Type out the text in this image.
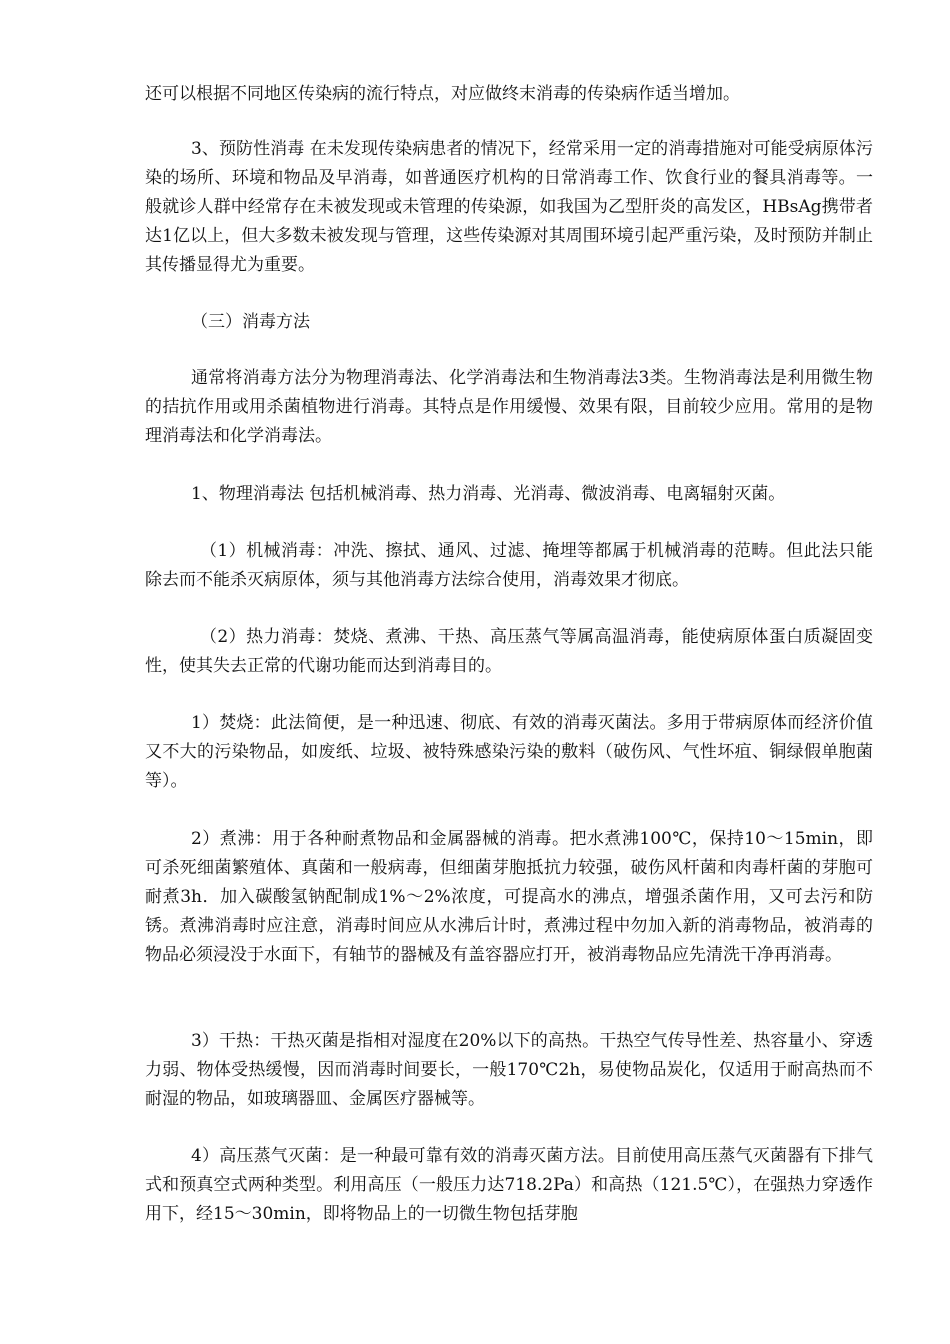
还可以根据不同地区传染病的流行特点，对应做终末消毒的传染病作适当增加。

3、预防性消毒 在未发现传染病患者的情况下，经常采用一定的消毒措施对可能受病原体污染的场所、环境和物品及早消毒，如普通医疗机构的日常消毒工作、饮食行业的餐具消毒等。一般就诊人群中经常存在未被发现或未管理的传染源，如我国为乙型肝炎的高发区，HBsAg携带者达1亿以上，但大多数未被发现与管理，这些传染源对其周围环境引起严重污染，及时预防并制止其传播显得尤为重要。

（三）消毒方法

通常将消毒方法分为物理消毒法、化学消毒法和生物消毒法3类。生物消毒法是利用微生物的拮抗作用或用杀菌植物进行消毒。其特点是作用缓慢、效果有限，目前较少应用。常用的是物理消毒法和化学消毒法。

1、物理消毒法 包括机械消毒、热力消毒、光消毒、微波消毒、电离辐射灭菌。

（1）机械消毒：冲洗、擦拭、通风、过滤、掩埋等都属于机械消毒的范畴。但此法只能除去而不能杀灭病原体，须与其他消毒方法综合使用，消毒效果才彻底。

（2）热力消毒：焚烧、煮沸、干热、高压蒸气等属高温消毒，能使病原体蛋白质凝固变性，使其失去正常的代谢功能而达到消毒目的。

1）焚烧：此法简便，是一种迅速、彻底、有效的消毒灭菌法。多用于带病原体而经济价值又不大的污染物品，如废纸、垃圾、被特殊感染污染的敷料（破伤风、气性坏疽、铜绿假单胞菌等）。

2）煮沸：用于各种耐煮物品和金属器械的消毒。把水煮沸100℃，保持10～15min，即可杀死细菌繁殖体、真菌和一般病毒，但细菌芽胞抵抗力较强，破伤风杆菌和肉毒杆菌的芽胞可耐煮3h．加入碳酸氢钠配制成1%～2%浓度，可提高水的沸点，增强杀菌作用，又可去污和防锈。煮沸消毒时应注意，消毒时间应从水沸后计时，煮沸过程中勿加入新的消毒物品，被消毒的物品必须浸没于水面下，有轴节的器械及有盖容器应打开，被消毒物品应先清洗干净再消毒。

3）干热：干热灭菌是指相对湿度在20%以下的高热。干热空气传导性差、热容量小、穿透力弱、物体受热缓慢，因而消毒时间要长，一般170℃2h，易使物品炭化，仅适用于耐高热而不耐湿的物品，如玻璃器皿、金属医疗器械等。

4）高压蒸气灭菌：是一种最可靠有效的消毒灭菌方法。目前使用高压蒸气灭菌器有下排气式和预真空式两种类型。利用高压（一般压力达718.2Pa）和高热（121.5℃），在强热力穿透作用下，经15～30min，即将物品上的一切微生物包括芽胞
